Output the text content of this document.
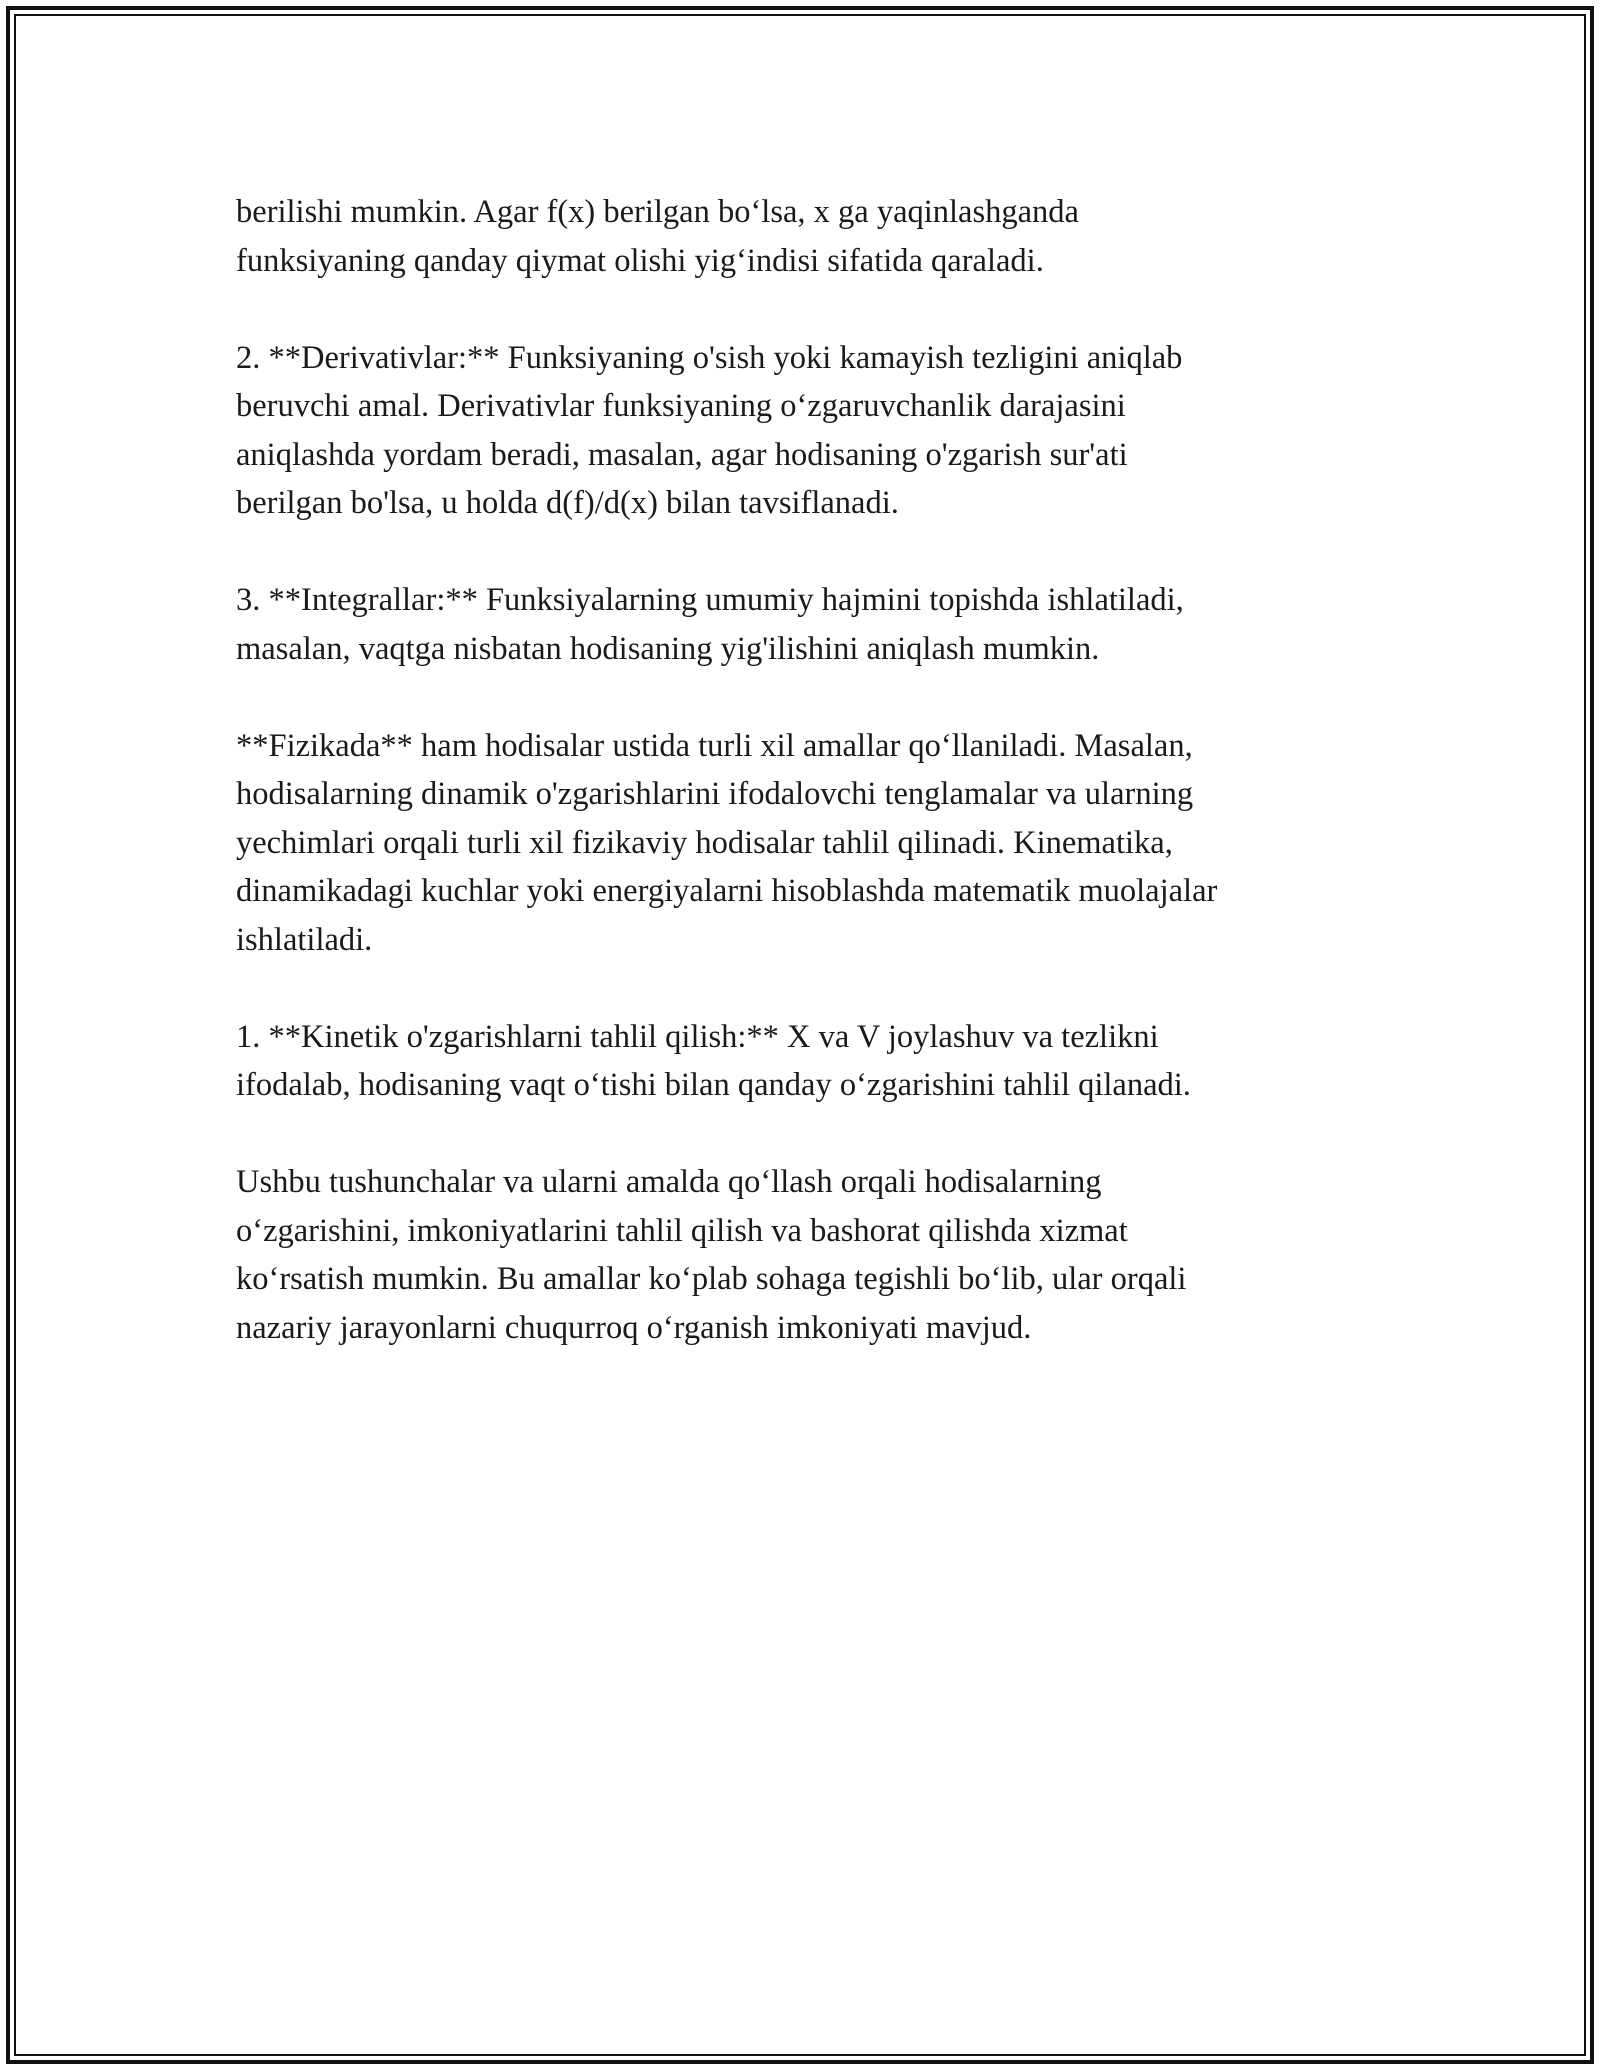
berilishi mumkin. Agar f(x) berilgan bo‘lsa, x ga yaqinlashganda
funksiyaning qanday qiymat olishi yig‘indisi sifatida qaraladi.

2. **Derivativlar:** Funksiyaning o'sish yoki kamayish tezligini aniqlab
beruvchi amal. Derivativlar funksiyaning o‘zgaruvchanlik darajasini
aniqlashda yordam beradi, masalan, agar hodisaning o'zgarish sur'ati
berilgan bo'lsa, u holda d(f)/d(x) bilan tavsiflanadi.

3. **Integrallar:** Funksiyalarning umumiy hajmini topishda ishlatiladi,
masalan, vaqtga nisbatan hodisaning yig'ilishini aniqlash mumkin.

**Fizikada** ham hodisalar ustida turli xil amallar qo‘llaniladi. Masalan,
hodisalarning dinamik o'zgarishlarini ifodalovchi tenglamalar va ularning
yechimlari orqali turli xil fizikaviy hodisalar tahlil qilinadi. Kinematika,
dinamikadagi kuchlar yoki energiyalarni hisoblashda matematik muolajalar
ishlatiladi.

1. **Kinetik o'zgarishlarni tahlil qilish:** X va V joylashuv va tezlikni
ifodalab, hodisaning vaqt o‘tishi bilan qanday o‘zgarishini tahlil qilanadi.

Ushbu tushunchalar va ularni amalda qo‘llash orqali hodisalarning
o‘zgarishini, imkoniyatlarini tahlil qilish va bashorat qilishda xizmat
ko‘rsatish mumkin. Bu amallar ko‘plab sohaga tegishli bo‘lib, ular orqali
nazariy jarayonlarni chuqurroq o‘rganish imkoniyati mavjud.
